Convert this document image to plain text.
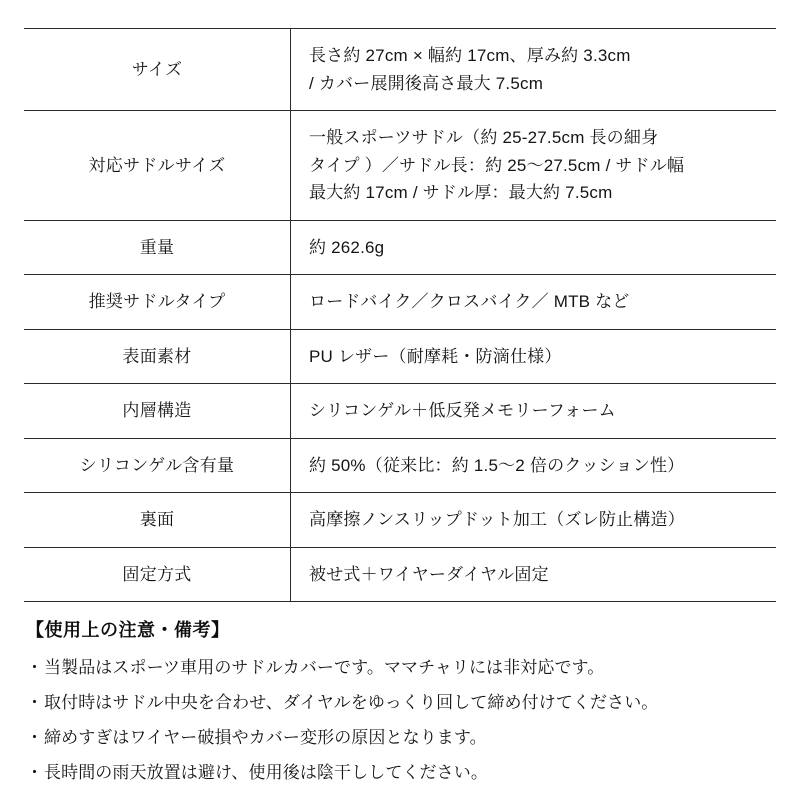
サイズ	長さ約 27cm × 幅約 17cm、厚み約 3.3cm
/ カバー展開後高さ最大 7.5cm

対応サドルサイズ	一般スポーツサドル（約 25-27.5cm 長の細身
タイプ ）／サドル長：約 25〜27.5cm / サドル幅
最大約 17cm / サドル厚：最大約 7.5cm

重量	約 262.6g

推奨サドルタイプ	ロードバイク／クロスバイク／ MTB など

表面素材	PU レザー（耐摩耗・防滴仕様）

内層構造	シリコンゲル＋低反発メモリーフォーム

シリコンゲル含有量	約 50%（従来比：約 1.5〜2 倍のクッション性）

裏面	高摩擦ノンスリップドット加工（ズレ防止構造）

固定方式	被せ式＋ワイヤーダイヤル固定
【使用上の注意・備考】
・ 当製品はスポーツ車用のサドルカバーです。ママチャリには非対応です。
・ 取付時はサドル中央を合わせ、ダイヤルをゆっくり回して締め付けてください。
・ 締めすぎはワイヤー破損やカバー変形の原因となります。
・ 長時間の雨天放置は避け、使用後は陰干ししてください。
